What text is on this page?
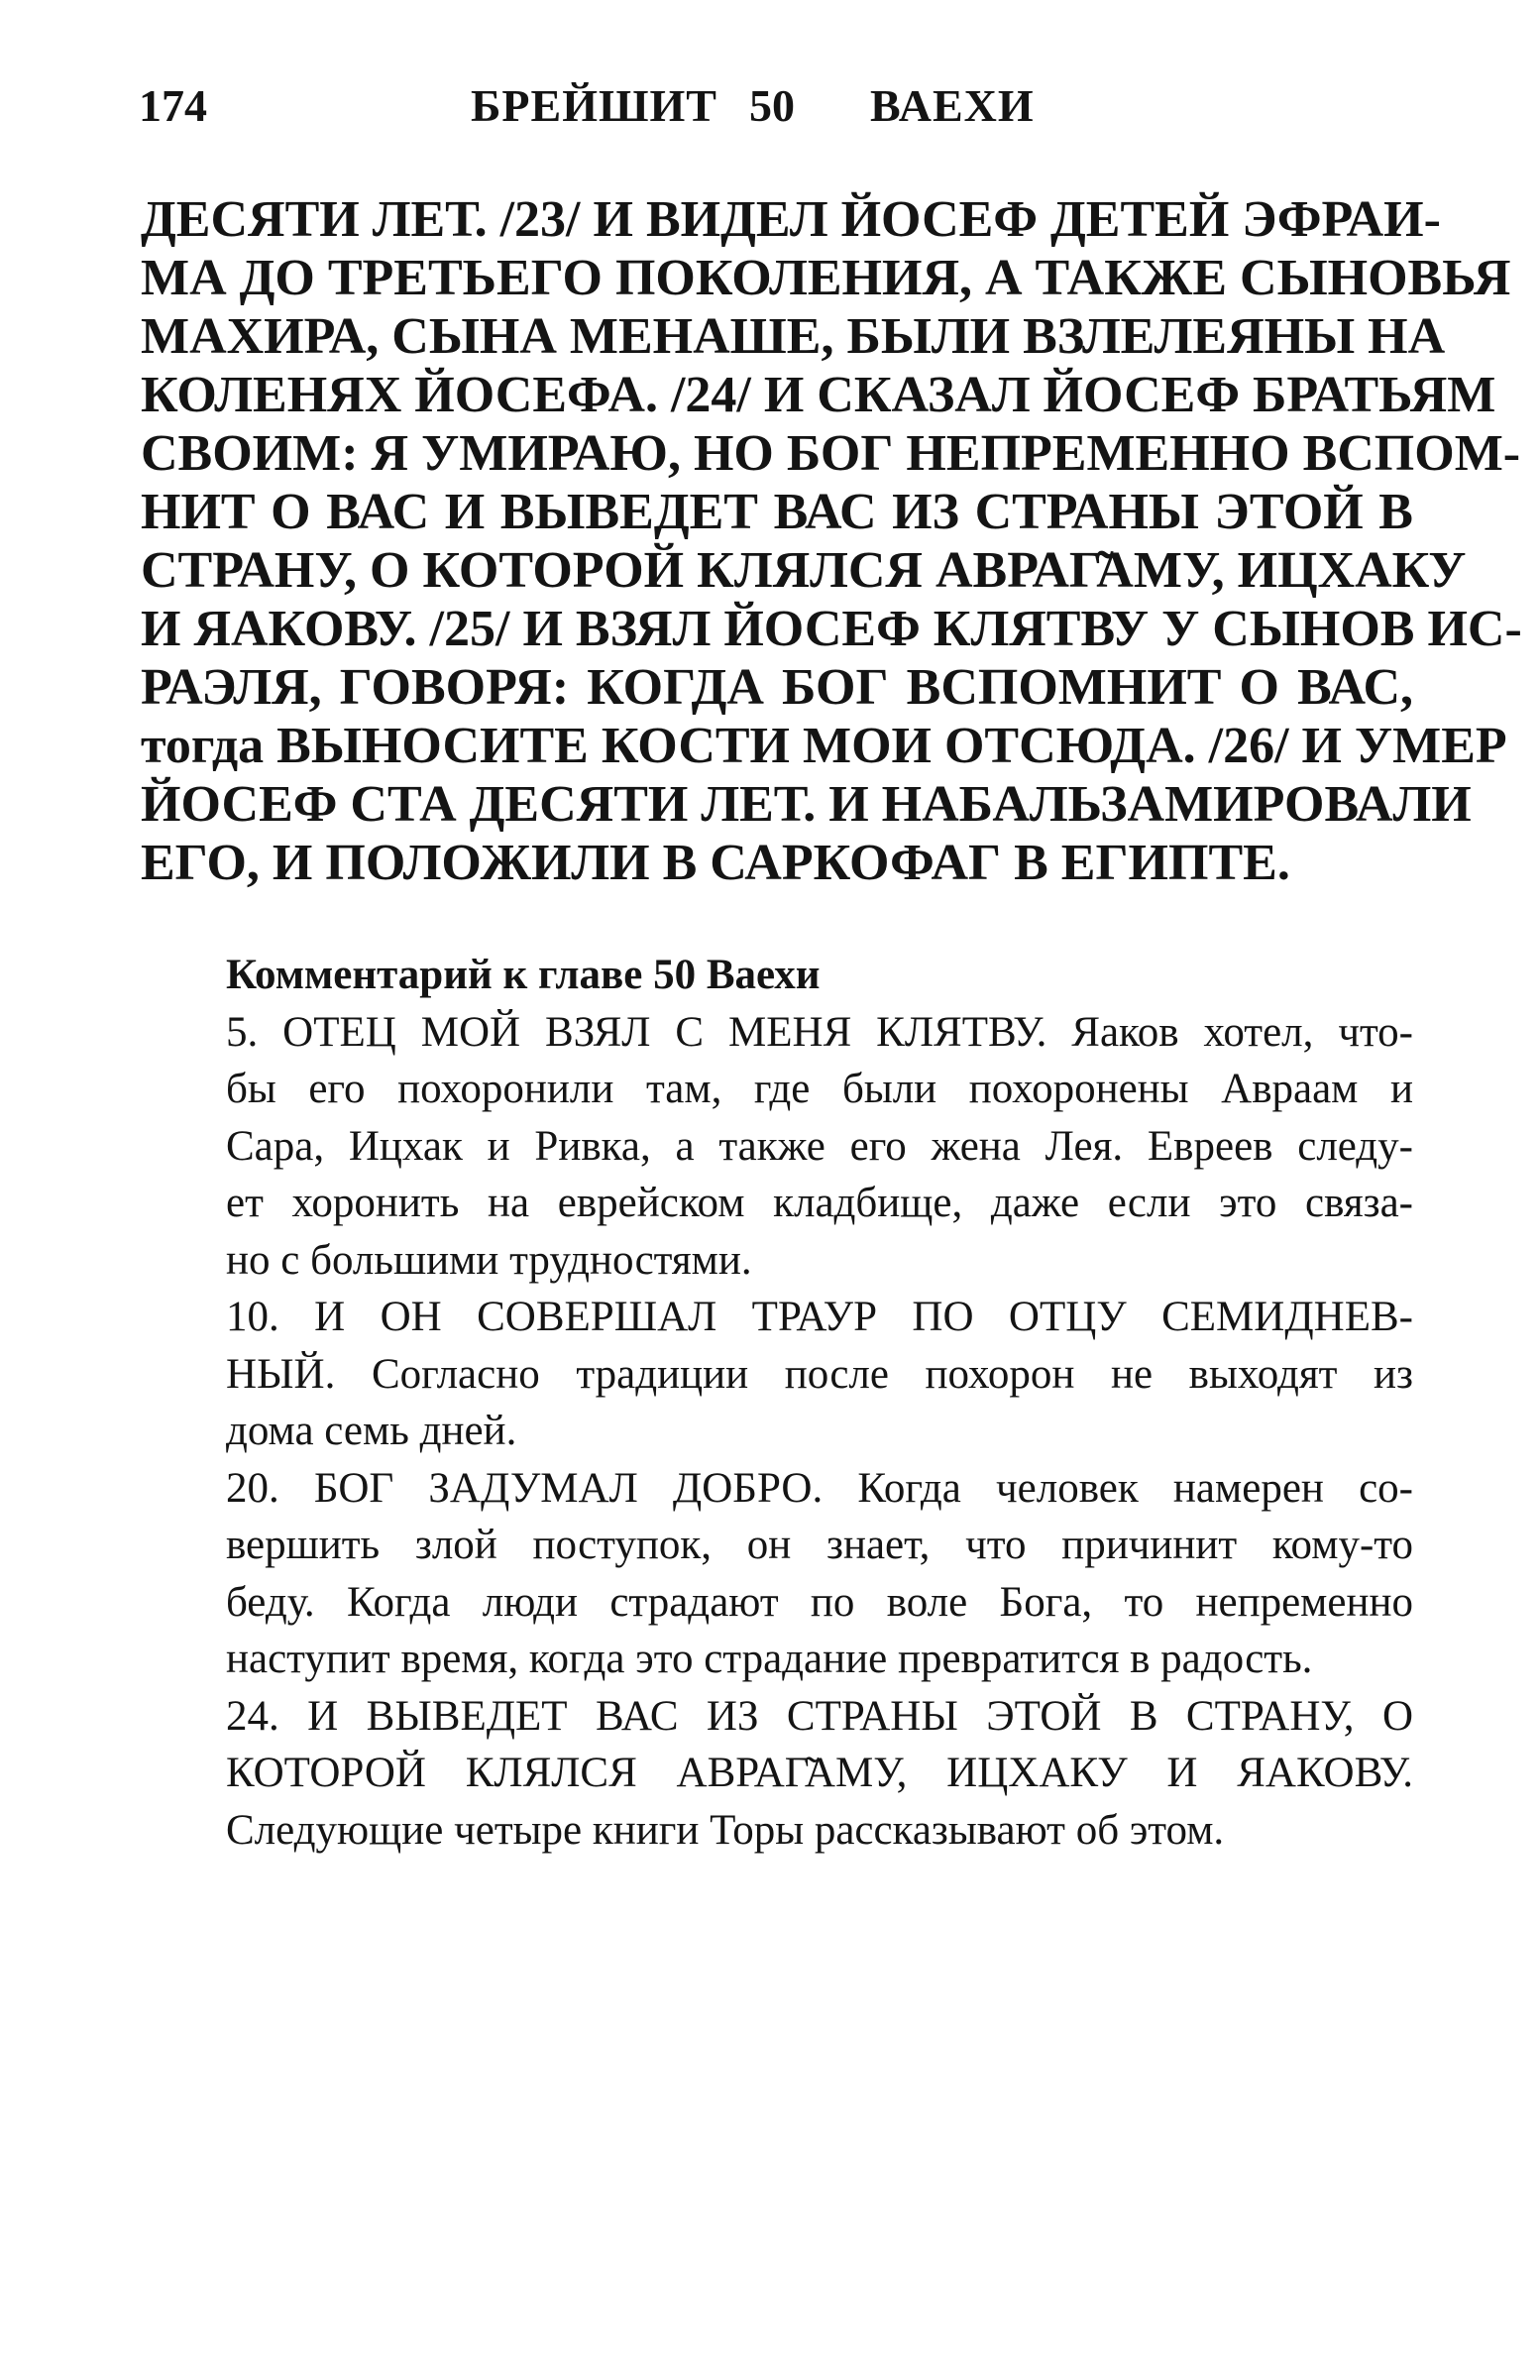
174	БРЕЙШИТ 50 ВАЕХИ
ДЕСЯТИ ЛЕТ. /23/ И ВИДЕЛ ЙОСЕФ ДЕТЕЙ ЭФРАИ-
МА ДО ТРЕТЬЕГО ПОКОЛЕНИЯ, А ТАКЖЕ СЫНОВЬЯ
МАХИРА, СЫНА МЕНАШЕ, БЫЛИ ВЗЛЕЛЕЯНЫ НА
КОЛЕНЯХ ЙОСЕФА. /24/ И СКАЗАЛ ЙОСЕФ БРАТЬЯМ
СВОИМ: Я УМИРАЮ, НО БОГ НЕПРЕМЕННО ВСПОМ-
НИТ О ВАС И ВЫВЕДЕТ ВАС ИЗ СТРАНЫ ЭТОЙ В
СТРАНУ, О КОТОРОЙ КЛЯЛСЯ АВРАГ̃АМУ, ИЦХАКУ
И ЯАКОВУ. /25/ И ВЗЯЛ ЙОСЕФ КЛЯТВУ У СЫНОВ ИС-
РАЭЛЯ, ГОВОРЯ: КОГДА БОГ ВСПОМНИТ О ВАС,
тогда ВЫНОСИТЕ КОСТИ МОИ ОТСЮДА. /26/ И УМЕР
ЙОСЕФ СТА ДЕСЯТИ ЛЕТ. И НАБАЛЬЗАМИРОВАЛИ
ЕГО, И ПОЛОЖИЛИ В САРКОФАГ В ЕГИПТЕ.
Комментарий к главе 50 Ваехи
5. ОТЕЦ МОЙ ВЗЯЛ С МЕНЯ КЛЯТВУ. Яаков хотел, что-
бы его похоронили там, где были похоронены Авраам и
Сара, Ицхак и Ривка, а также его жена Лея. Евреев следу-
ет хоронить на еврейском кладбище, даже если это связа-
но с большими трудностями.
10. И ОН СОВЕРШАЛ ТРАУР ПО ОТЦУ СЕМИДНЕВ-
НЫЙ. Согласно традиции после похорон не выходят из
дома семь дней.
20. БОГ ЗАДУМАЛ ДОБРО. Когда человек намерен со-
вершить злой поступок, он знает, что причинит кому-то
беду. Когда люди страдают по воле Бога, то непременно
наступит время, когда это страдание превратится в радость.
24. И ВЫВЕДЕТ ВАС ИЗ СТРАНЫ ЭТОЙ В СТРАНУ, О
КОТОРОЙ КЛЯЛСЯ АВРАГ̃АМУ, ИЦХАКУ И ЯАКОВУ.
Следующие четыре книги Торы рассказывают об этом.
